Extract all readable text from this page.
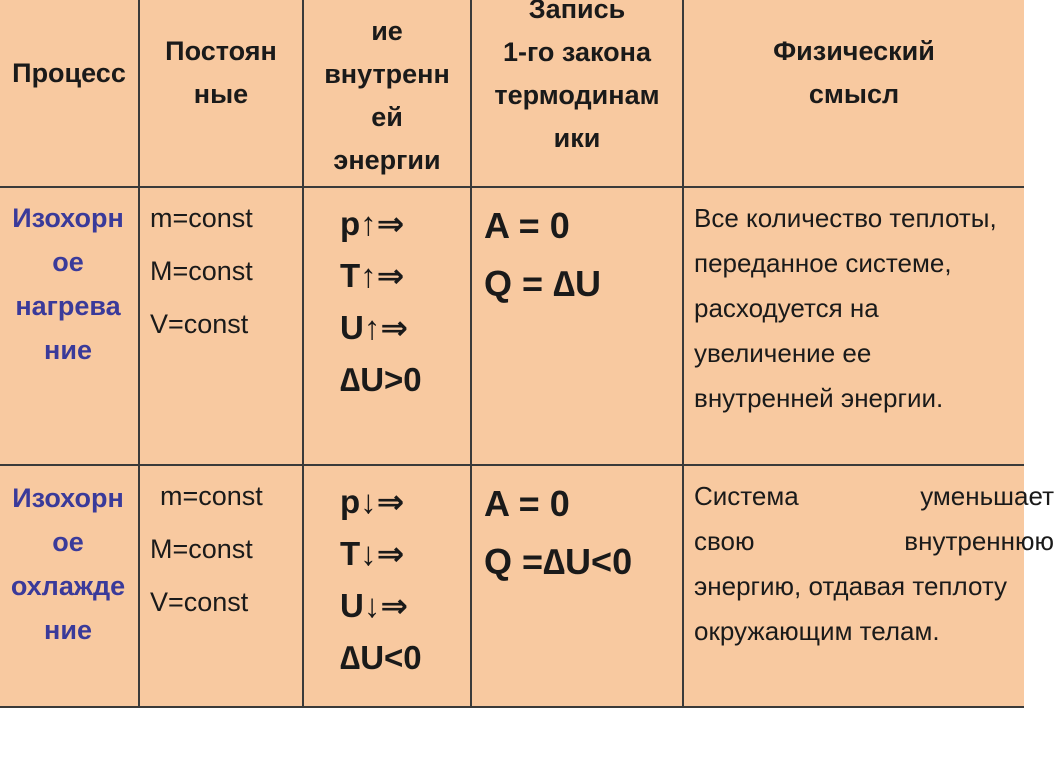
Процесс
Постоян
ные
ие
внутренн
ей
энергии
Запись
1-го закона
термодинам
ики
Физический
смысл
Изохорн
ое
нагрева
ние
m=const
M=const
V=const
p↑⇒
T↑⇒
U↑⇒
∆U>0
A = 0
Q = ∆U
Все количество теплоты,
переданное системе,
расходуется на
увеличение ее
внутренней энергии.
Изохорн
ое
охлажде
ние
m=const
M=const
V=const
p↓⇒
T↓⇒
U↓⇒
∆U<0
A = 0
Q =∆U<0
Система	уменьшает
свою	внутреннюю
энергию, отдавая теплоту
окружающим телам.
